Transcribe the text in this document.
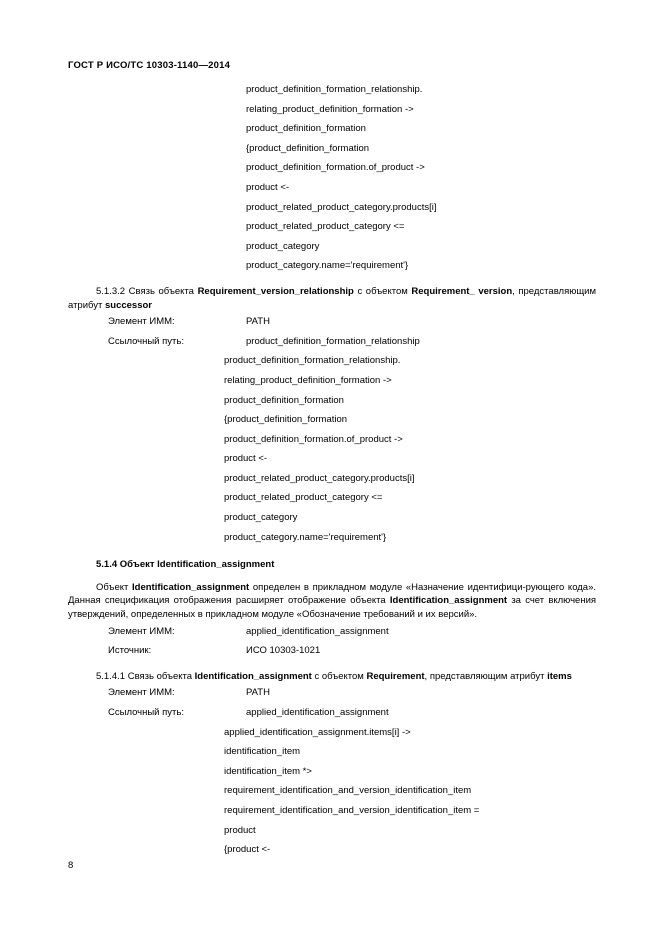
ГОСТ Р ИСО/ТС 10303-1140—2014
product_definition_formation_relationship.
relating_product_definition_formation ->
product_definition_formation
{product_definition_formation
product_definition_formation.of_product ->
product <-
product_related_product_category.products[i]
product_related_product_category <=
product_category
product_category.name='requirement'}
5.1.3.2 Связь объекта Requirement_version_relationship с объектом Requirement_ version, представляющим атрибут successor
Элемент ИММ:	PATH
Ссылочный путь:	product_definition_formation_relationship
product_definition_formation_relationship.
relating_product_definition_formation ->
product_definition_formation
{product_definition_formation
product_definition_formation.of_product ->
product <-
product_related_product_category.products[i]
product_related_product_category <=
product_category
product_category.name='requirement'}
5.1.4 Объект Identification_assignment
Объект Identification_assignment определен в прикладном модуле «Назначение идентифици-рующего кода». Данная спецификация отображения расширяет отображение объекта Identification_assignment за счет включения утверждений, определенных в прикладном модуле «Обозначение требований и их версий».
Элемент ИММ:	applied_identification_assignment
Источник:	ИСО 10303-1021
5.1.4.1 Связь объекта Identification_assignment с объектом Requirement, представляющим атрибут items
Элемент ИММ:	PATH
Ссылочный путь:	applied_identification_assignment
applied_identification_assignment.items[i] ->
identification_item
identification_item *>
requirement_identification_and_version_identification_item
requirement_identification_and_version_identification_item =
product
{product <-
8
